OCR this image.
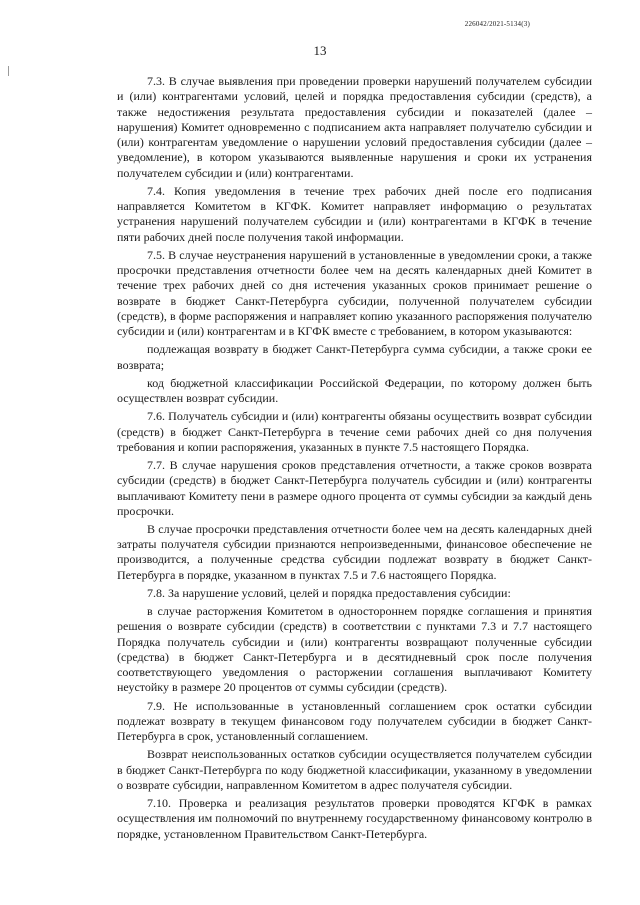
226042/2021-5134(3)
13

7.3. В случае выявления при проведении проверки нарушений получателем субсидии и (или) контрагентами условий, целей и порядка предоставления субсидии (средств), а также недостижения результата предоставления субсидии и показателей (далее – нарушения) Комитет одновременно с подписанием акта направляет получателю субсидии и (или) контрагентам уведомление о нарушении условий предоставления субсидии (далее – уведомление), в котором указываются выявленные нарушения и сроки их устранения получателем субсидии и (или) контрагентами.

7.4. Копия уведомления в течение трех рабочих дней после его подписания направляется Комитетом в КГФК. Комитет направляет информацию о результатах устранения нарушений получателем субсидии и (или) контрагентами в КГФК в течение пяти рабочих дней после получения такой информации.

7.5. В случае неустранения нарушений в установленные в уведомлении сроки, а также просрочки представления отчетности более чем на десять календарных дней Комитет в течение трех рабочих дней со дня истечения указанных сроков принимает решение о возврате в бюджет Санкт-Петербурга субсидии, полученной получателем субсидии (средств), в форме распоряжения и направляет копию указанного распоряжения получателю субсидии и (или) контрагентам и в КГФК вместе с требованием, в котором указываются:

подлежащая возврату в бюджет Санкт-Петербурга сумма субсидии, а также сроки ее возврата;

код бюджетной классификации Российской Федерации, по которому должен быть осуществлен возврат субсидии.

7.6. Получатель субсидии и (или) контрагенты обязаны осуществить возврат субсидии (средств) в бюджет Санкт-Петербурга в течение семи рабочих дней со дня получения требования и копии распоряжения, указанных в пункте 7.5 настоящего Порядка.

7.7. В случае нарушения сроков представления отчетности, а также сроков возврата субсидии (средств) в бюджет Санкт-Петербурга получатель субсидии и (или) контрагенты выплачивают Комитету пени в размере одного процента от суммы субсидии за каждый день просрочки.

В случае просрочки представления отчетности более чем на десять календарных дней затраты получателя субсидии признаются непроизведенными, финансовое обеспечение не производится, а полученные средства субсидии подлежат возврату в бюджет Санкт-Петербурга в порядке, указанном в пунктах 7.5 и 7.6 настоящего Порядка.

7.8. За нарушение условий, целей и порядка предоставления субсидии:

в случае расторжения Комитетом в одностороннем порядке соглашения и принятия решения о возврате субсидии (средств) в соответствии с пунктами 7.3 и 7.7 настоящего Порядка получатель субсидии и (или) контрагенты возвращают полученные субсидии (средства) в бюджет Санкт-Петербурга и в десятидневный срок после получения соответствующего уведомления о расторжении соглашения выплачивают Комитету неустойку в размере 20 процентов от суммы субсидии (средств).

7.9. Не использованные в установленный соглашением срок остатки субсидии подлежат возврату в текущем финансовом году получателем субсидии в бюджет Санкт-Петербурга в срок, установленный соглашением.

Возврат неиспользованных остатков субсидии осуществляется получателем субсидии в бюджет Санкт-Петербурга по коду бюджетной классификации, указанному в уведомлении о возврате субсидии, направленном Комитетом в адрес получателя субсидии.

7.10. Проверка и реализация результатов проверки проводятся КГФК в рамках осуществления им полномочий по внутреннему государственному финансовому контролю в порядке, установленном Правительством Санкт-Петербурга.
